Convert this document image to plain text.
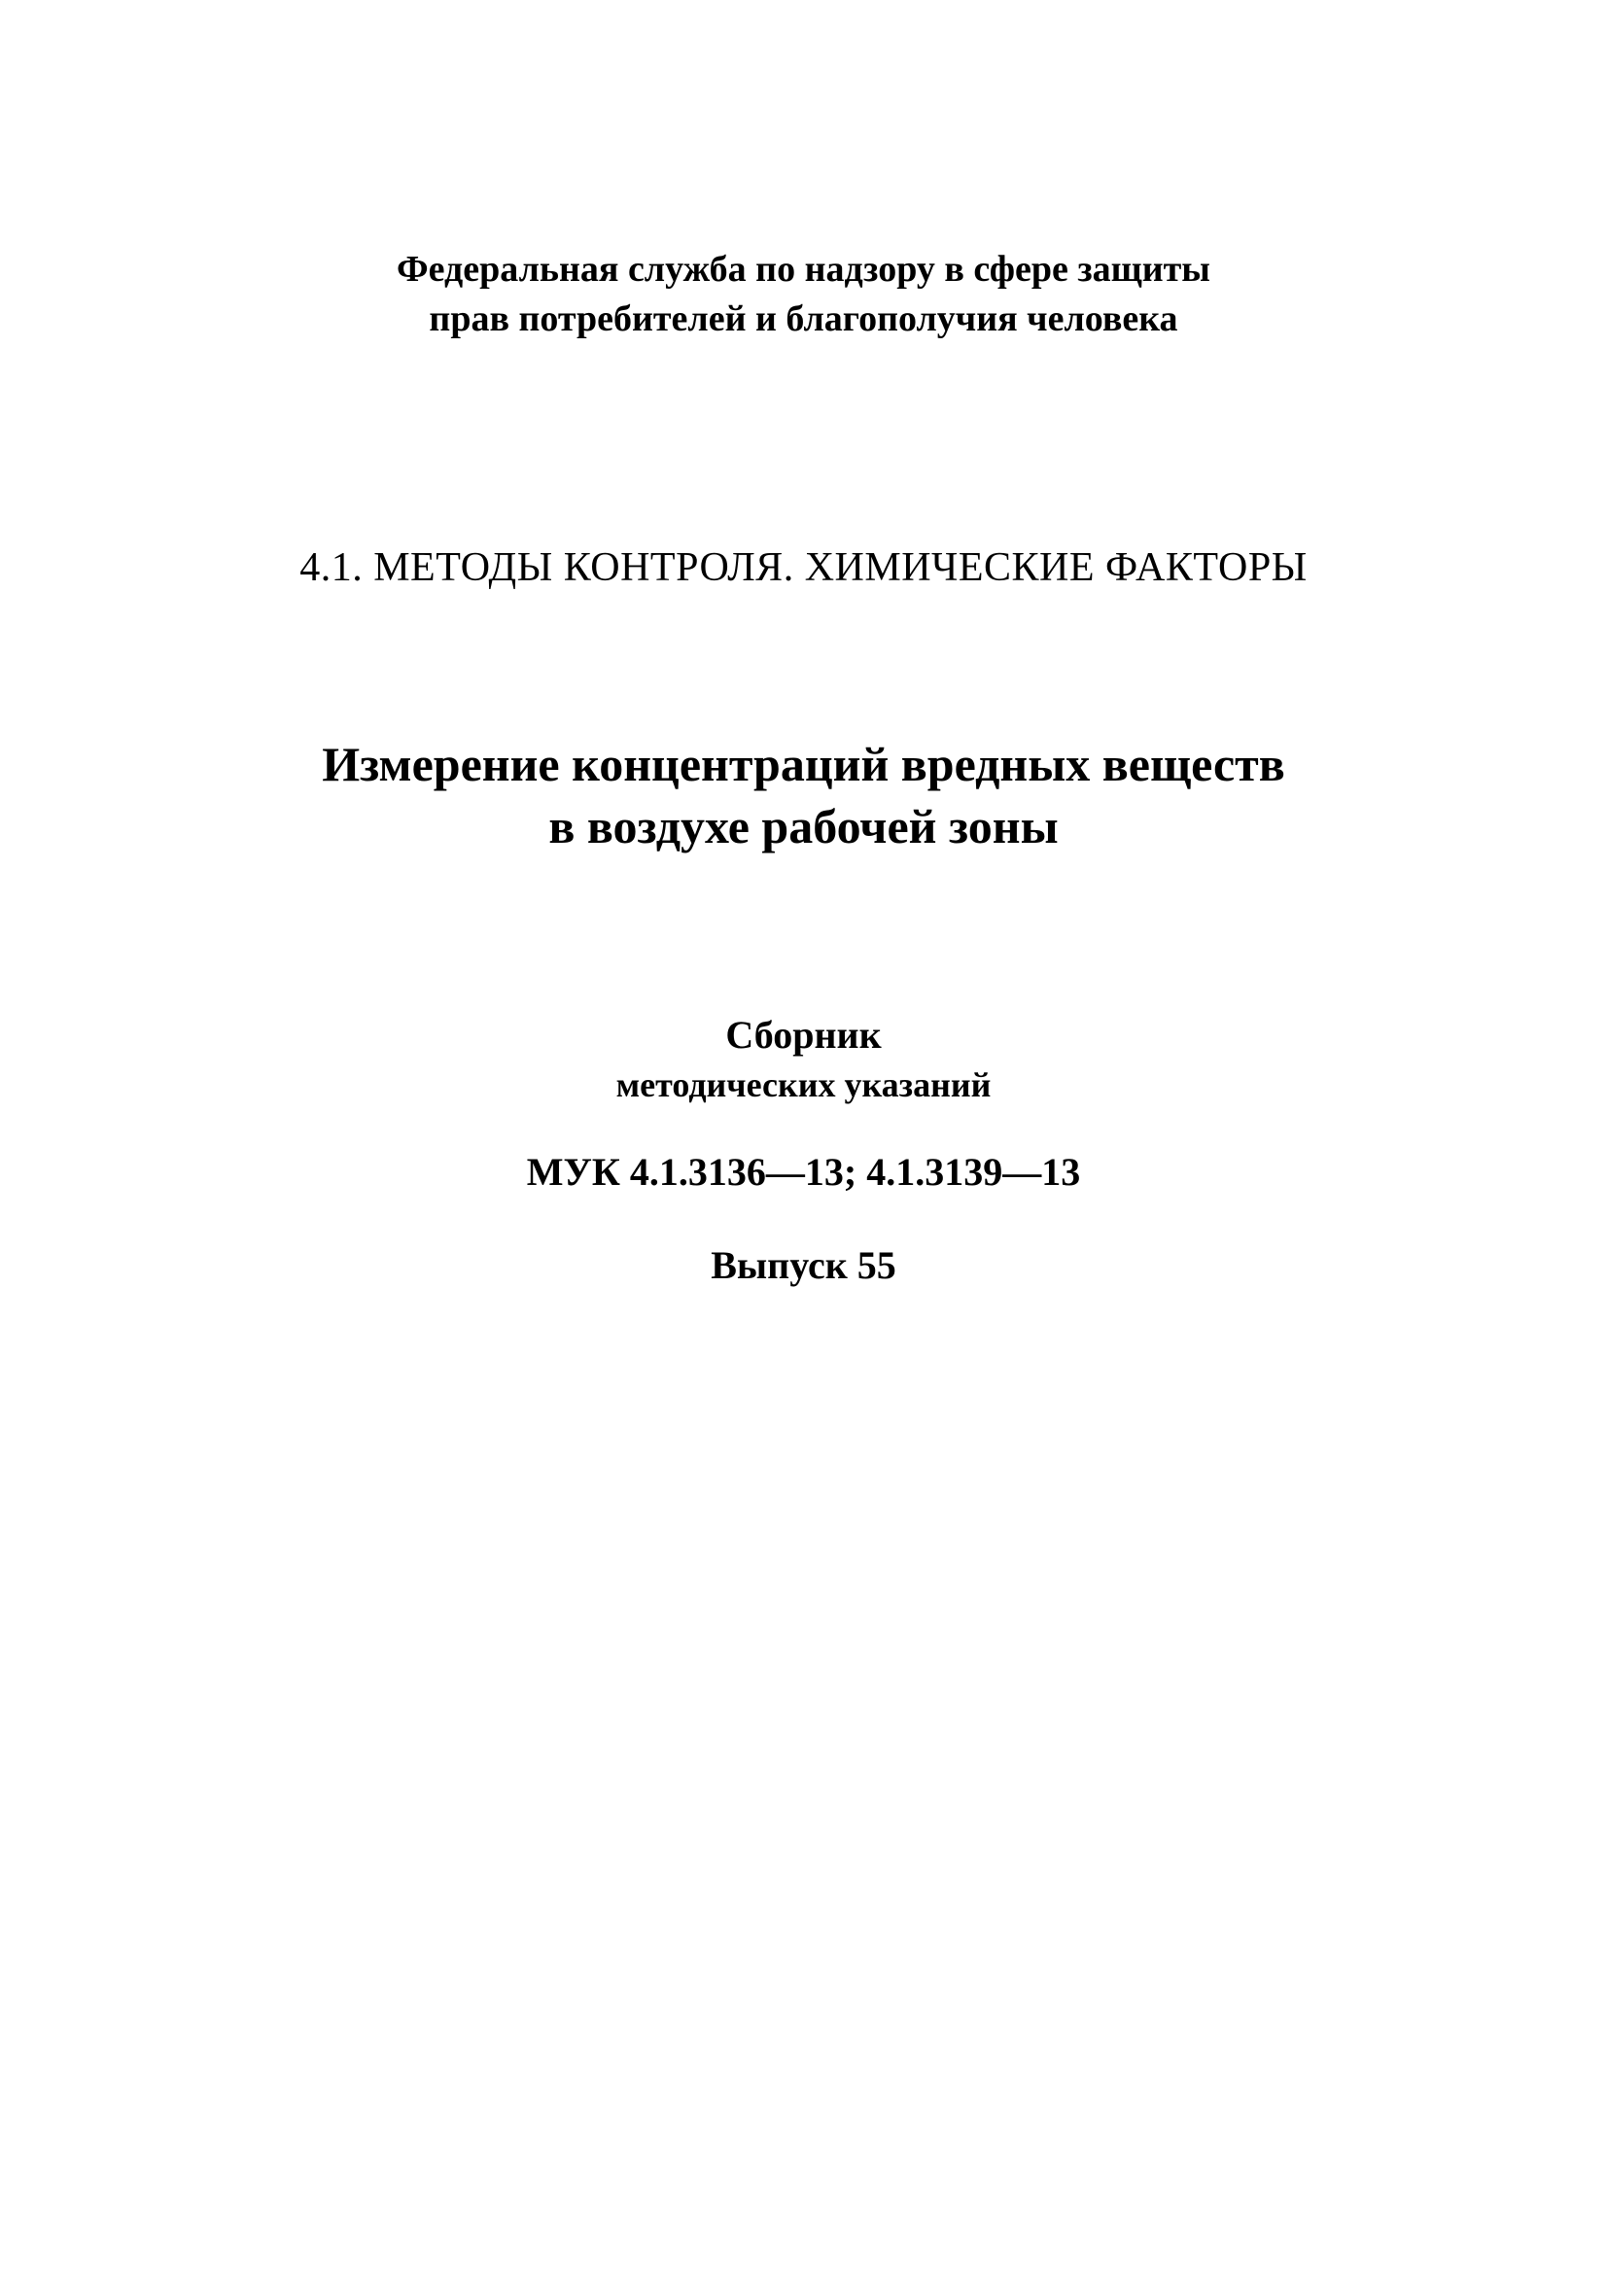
Федеральная служба по надзору в сфере защиты
прав потребителей и благополучия человека
4.1. МЕТОДЫ КОНТРОЛЯ. ХИМИЧЕСКИЕ ФАКТОРЫ
Измерение концентраций вредных веществ
в воздухе рабочей зоны
Сборник
методических указаний
МУК 4.1.3136—13; 4.1.3139—13
Выпуск 55
